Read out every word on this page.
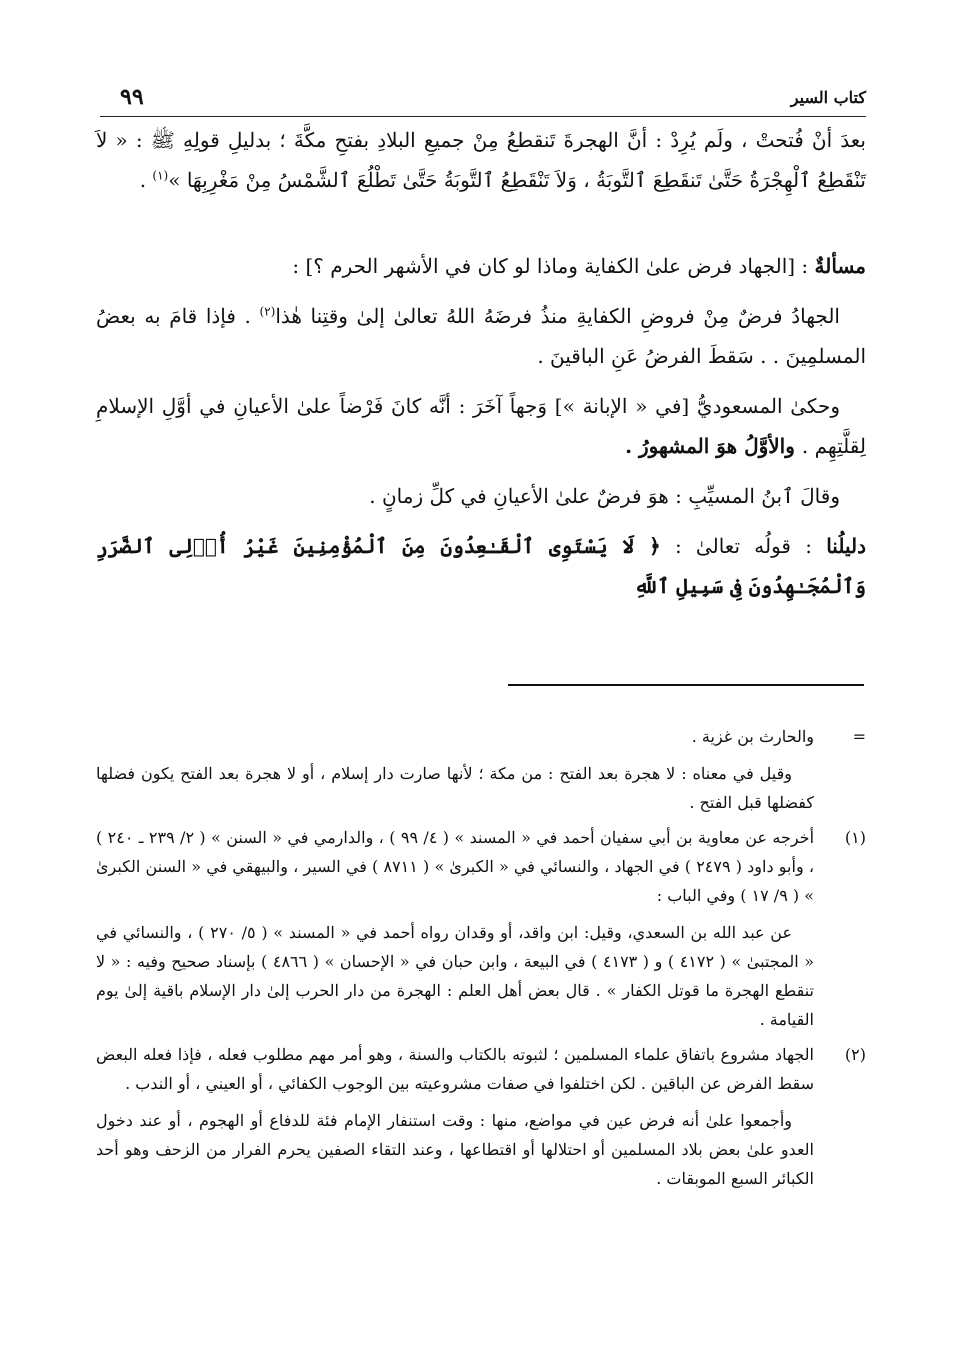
٩٩	كتاب السير

بعدَ أنْ فُتحتْ ، ولَم يُرِدْ : أنَّ الهجرةَ تَنقطعُ مِنْ جميعِ البلادِ بفتحِ مكَّةَ ؛ بدليلِ قولِهِ ﷺ : « لاَ تَنْقَطِعُ ٱلْهِجْرَةُ حَتَّىٰ تَنقَطِعَ ٱلتَّوبَةُ ، وَلاَ تَنْقَطِعُ ٱلتَّوبَةُ حَتَّىٰ تَطْلُعَ ٱلشَّمْسُ مِنْ مَغْرِبِهَا »$^{(١)}$ .

مسألةٌ : [الجهاد فرض علىٰ الكفاية وماذا لو كان في الأشهر الحرم ؟] :

الجهادُ فرضٌ مِنْ فروضِ الكفايةِ منذُ فرضَهُ اللهُ تعالىٰ إلىٰ وقتِنا هٰذا$^{(٢)}$ . فإذا قامَ به بعضُ المسلمِينَ . . سَقطَ الفرضُ عَنِ الباقينَ .

وحكىٰ المسعوديُّ [في « الإبانة »] وَجهاً آخَرَ : أنَّه كانَ فَرْضاً علىٰ الأعيانِ في أوَّلِ الإسلامِ لِقلَّتِهِم . والأوَّلُ هوَ المشهورُ .

وقالَ ٱبنُ المسيِّبِ : هوَ فرضٌ علىٰ الأعيانِ في كلِّ زمانٍ .

دليلُنا : قولُه تعالىٰ : ﴿ لَا يَسْتَوِى ٱلْقَـٰعِدُونَ مِنَ ٱلْمُؤْمِنِينَ غَيْرُ أُو۟لِى ٱلضَّرَرِ وَٱلْمُجَـٰهِدُونَ فِى سَبِيلِ ٱللَّهِ

=

والحارث بن غزية .

وقيل في معناه : لا هجرة بعد الفتح : من مكة ؛ لأنها صارت دار إسلام ، أو لا هجرة بعد الفتح يكون فضلها كفضلها قبل الفتح .

(١)

أخرجه عن معاوية بن أبي سفيان أحمد في « المسند » ( ٤/ ٩٩ ) ، والدارمي في « السنن » ( ٢/ ٢٣٩ ـ ٢٤٠ ) ، وأبو داود ( ٢٤٧٩ ) في الجهاد ، والنسائي في « الكبرىٰ » ( ٨٧١١ ) في السير ، والبيهقي في « السنن الكبرىٰ » ( ٩/ ١٧ ) وفي الباب :

عن عبد الله بن السعدي، وقيل: ابن واقد، أو وقدان رواه أحمد في « المسند » ( ٥/ ٢٧٠ ) ، والنسائي في « المجتبىٰ » ( ٤١٧٢ ) و ( ٤١٧٣ ) في البيعة ، وابن حبان في « الإحسان » ( ٤٨٦٦ ) بإسناد صحيح وفيه : « لا تنقطع الهجرة ما قوتل الكفار » . قال بعض أهل العلم : الهجرة من دار الحرب إلىٰ دار الإسلام باقية إلىٰ يوم القيامة .

(٢)

الجهاد مشروع باتفاق علماء المسلمين ؛ لثبوته بالكتاب والسنة ، وهو أمر مهم مطلوب فعله ، فإذا فعله البعض سقط الفرض عن الباقين . لكن اختلفوا في صفات مشروعيته بين الوجوب الكفائي ، أو العيني ، أو الندب .

وأجمعوا علىٰ أنه فرض عين في مواضع، منها : وقت استنفار الإمام فئة للدفاع أو الهجوم ، أو عند دخول العدو علىٰ بعض بلاد المسلمين أو احتلالها أو اقتطاعها ، وعند التقاء الصفين يحرم الفرار من الزحف وهو أحد الكبائر السبع الموبقات .
